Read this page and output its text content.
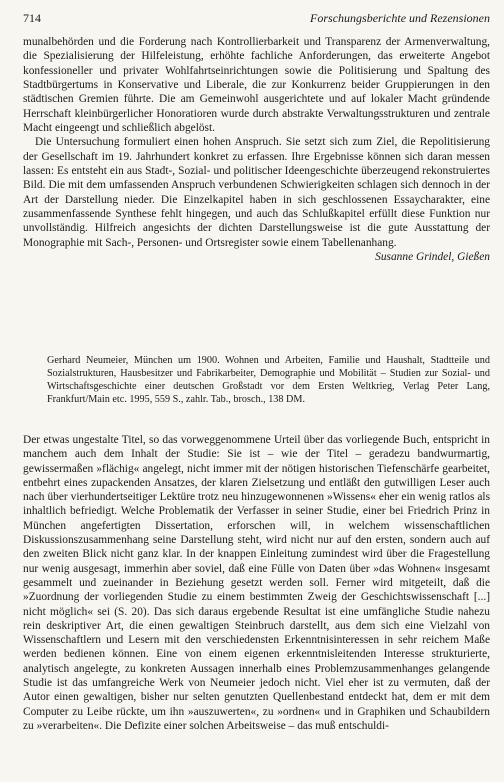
714	Forschungsberichte und Rezensionen

munalbehörden und die Forderung nach Kontrollierbarkeit und Transparenz der Armenverwaltung, die Spezialisierung der Hilfeleistung, erhöhte fachliche Anforderungen, das erweiterte Angebot konfessioneller und privater Wohlfahrtseinrichtungen sowie die Politisierung und Spaltung des Stadtbürgertums in Konservative und Liberale, die zur Konkurrenz beider Gruppierungen in den städtischen Gremien führte. Die am Gemeinwohl ausgerichtete und auf lokaler Macht gründende Herrschaft kleinbürgerlicher Honoratioren wurde durch abstrakte Verwaltungsstrukturen und zentrale Macht eingeengt und schließlich abgelöst.

Die Untersuchung formuliert einen hohen Anspruch. Sie setzt sich zum Ziel, die Repolitisierung der Gesellschaft im 19. Jahrhundert konkret zu erfassen. Ihre Ergebnisse können sich daran messen lassen: Es entsteht ein aus Stadt-, Sozial- und politischer Ideengeschichte überzeugend rekonstruiertes Bild. Die mit dem umfassenden Anspruch verbundenen Schwierigkeiten schlagen sich dennoch in der Art der Darstellung nieder. Die Einzelkapitel haben in sich geschlossenen Essaycharakter, eine zusammenfassende Synthese fehlt hingegen, und auch das Schlußkapitel erfüllt diese Funktion nur unvollständig. Hilfreich angesichts der dichten Darstellungsweise ist die gute Ausstattung der Monographie mit Sach-, Personen- und Ortsregister sowie einem Tabellenanhang.

Susanne Grindel, Gießen
Gerhard Neumeier, München um 1900. Wohnen und Arbeiten, Familie und Haushalt, Stadtteile und Sozialstrukturen, Hausbesitzer und Fabrikarbeiter, Demographie und Mobilität – Studien zur Sozial- und Wirtschaftsgeschichte einer deutschen Großstadt vor dem Ersten Weltkrieg, Verlag Peter Lang, Frankfurt/Main etc. 1995, 559 S., zahlr. Tab., brosch., 138 DM.

Der etwas ungestalte Titel, so das vorweggenommene Urteil über das vorliegende Buch, entspricht in manchem auch dem Inhalt der Studie: Sie ist – wie der Titel – geradezu bandwurmartig, gewissermaßen »flächig« angelegt, nicht immer mit der nötigen historischen Tiefenschärfe gearbeitet, entbehrt eines zupackenden Ansatzes, der klaren Zielsetzung und entläßt den gutwilligen Leser auch nach über vierhundertseitiger Lektüre trotz neu hinzugewonnenen »Wissens« eher ein wenig ratlos als inhaltlich befriedigt. Welche Problematik der Verfasser in seiner Studie, einer bei Friedrich Prinz in München angefertigten Dissertation, erforschen will, in welchem wissenschaftlichen Diskussionszusammenhang seine Darstellung steht, wird nicht nur auf den ersten, sondern auch auf den zweiten Blick nicht ganz klar. In der knappen Einleitung zumindest wird über die Fragestellung nur wenig ausgesagt, immerhin aber soviel, daß eine Fülle von Daten über »das Wohnen« insgesamt gesammelt und zueinander in Beziehung gesetzt werden soll. Ferner wird mitgeteilt, daß die »Zuordnung der vorliegenden Studie zu einem bestimmten Zweig der Geschichtswissenschaft [...] nicht möglich« sei (S. 20). Das sich daraus ergebende Resultat ist eine umfängliche Studie nahezu rein deskriptiver Art, die einen gewaltigen Steinbruch darstellt, aus dem sich eine Vielzahl von Wissenschaftlern und Lesern mit den verschiedensten Erkenntnisinteressen in sehr reichem Maße werden bedienen können. Eine von einem eigenen erkenntnisleitenden Interesse strukturierte, analytisch angelegte, zu konkreten Aussagen innerhalb eines Problemzusammenhanges gelangende Studie ist das umfangreiche Werk von Neumeier jedoch nicht. Viel eher ist zu vermuten, daß der Autor einen gewaltigen, bisher nur selten genutzten Quellenbestand entdeckt hat, dem er mit dem Computer zu Leibe rückte, um ihn »auszuwerten«, zu »ordnen« und in Graphiken und Schaubildern zu »verarbeiten«. Die Defizite einer solchen Arbeitsweise – das muß entschuldi-
